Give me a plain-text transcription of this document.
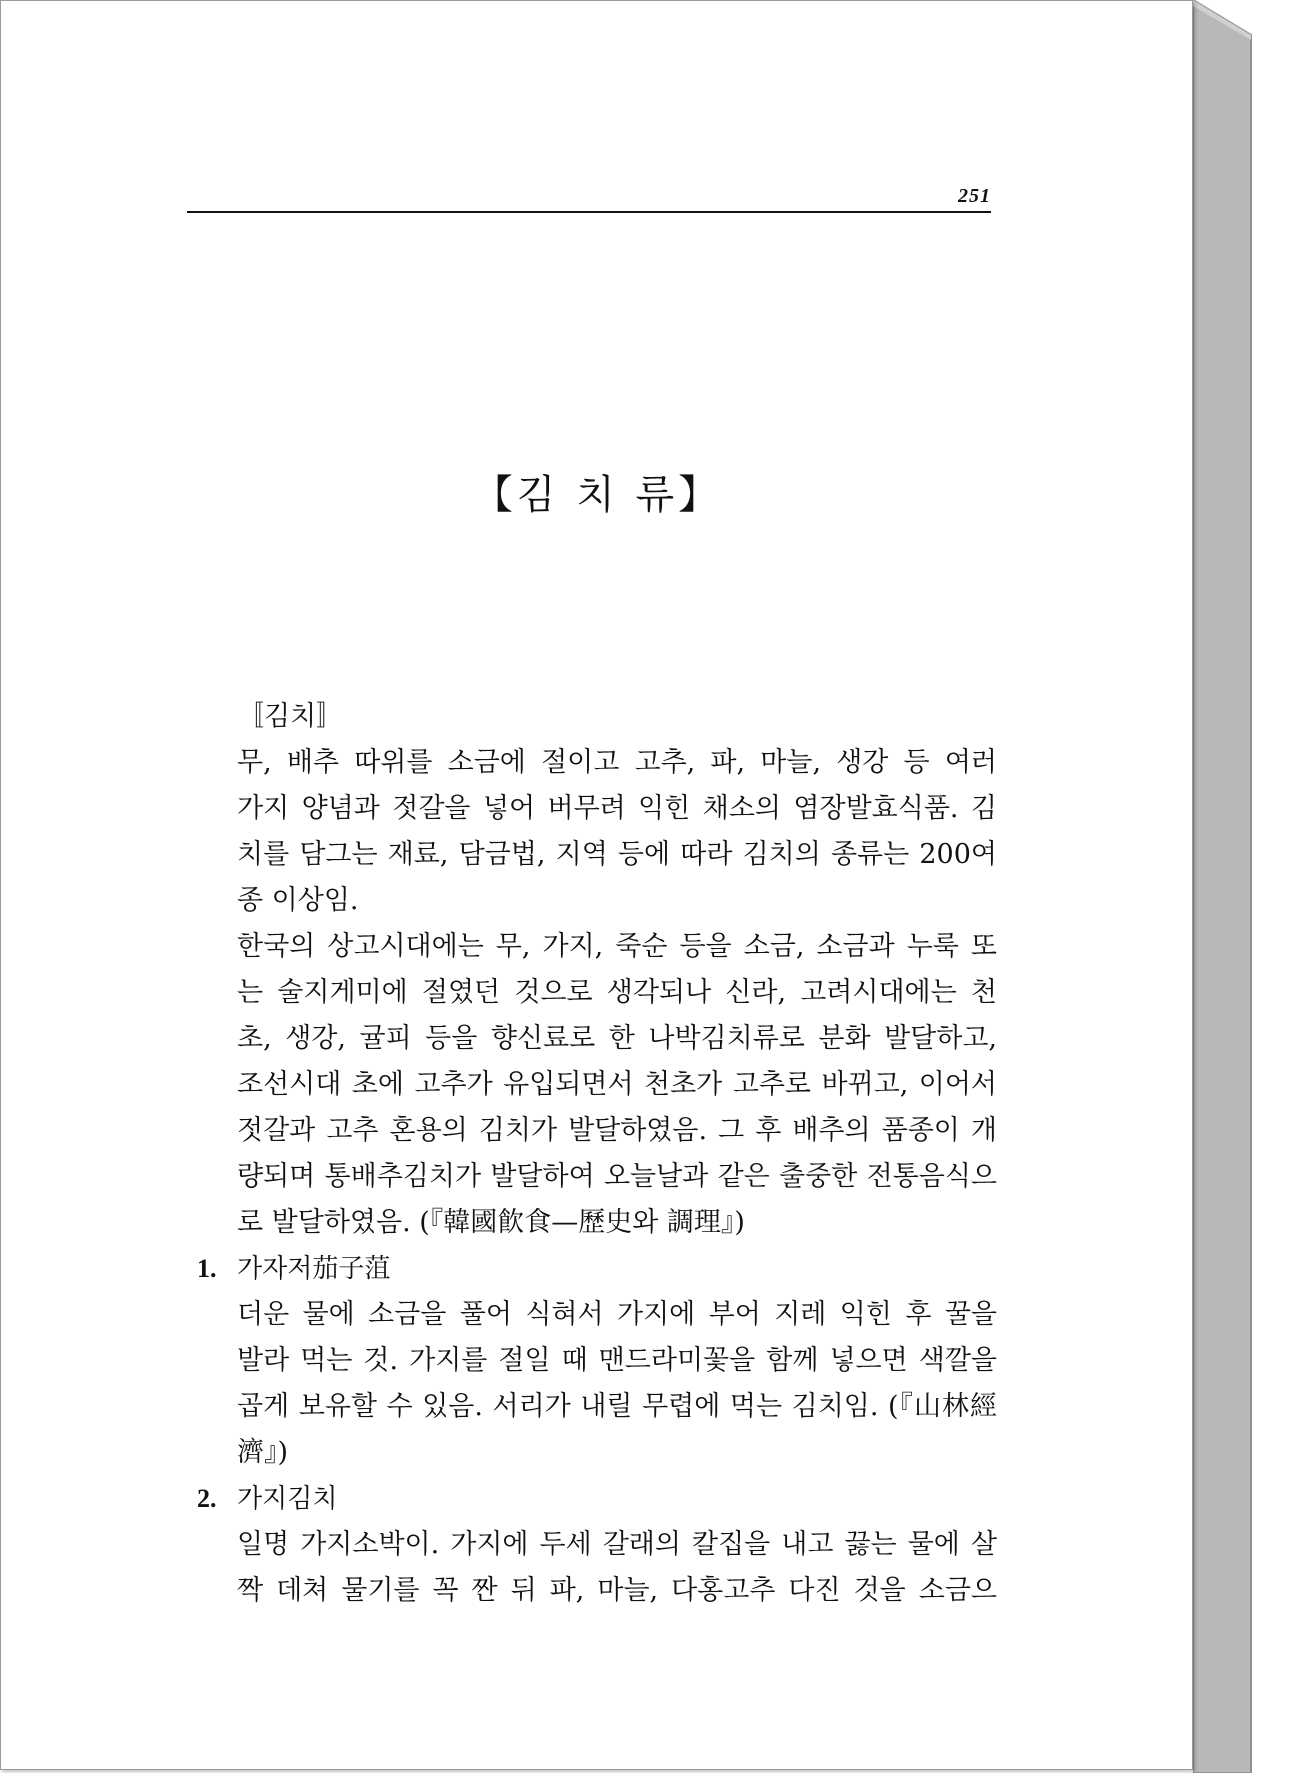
251
【김 치 류】
〚김치〛
무, 배추 따위를 소금에 절이고 고추, 파, 마늘, 생강 등 여러
가지 양념과 젓갈을 넣어 버무려 익힌 채소의 염장발효식품. 김
치를 담그는 재료, 담금법, 지역 등에 따라 김치의 종류는 200여
종 이상임.
한국의 상고시대에는 무, 가지, 죽순 등을 소금, 소금과 누룩 또
는 술지게미에 절였던 것으로 생각되나 신라, 고려시대에는 천
초, 생강, 귤피 등을 향신료로 한 나박김치류로 분화 발달하고,
조선시대 초에 고추가 유입되면서 천초가 고추로 바뀌고, 이어서
젓갈과 고추 혼용의 김치가 발달하였음. 그 후 배추의 품종이 개
량되며 통배추김치가 발달하여 오늘날과 같은 출중한 전통음식으
로 발달하였음. (『韓國飮食—歷史와 調理』)
1. 가자저茄子菹
더운 물에 소금을 풀어 식혀서 가지에 부어 지레 익힌 후 꿀을
발라 먹는 것. 가지를 절일 때 맨드라미꽃을 함께 넣으면 색깔을
곱게 보유할 수 있음. 서리가 내릴 무렵에 먹는 김치임. (『山林經
濟』)
2. 가지김치
일명 가지소박이. 가지에 두세 갈래의 칼집을 내고 끓는 물에 살
짝 데쳐 물기를 꼭 짠 뒤 파, 마늘, 다홍고추 다진 것을 소금으
